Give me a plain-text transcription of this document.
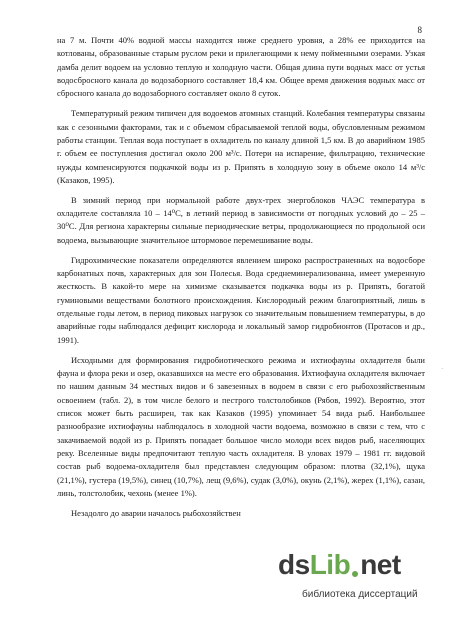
8

на 7 м. Почти 40% водной массы находится ниже среднего уровня, а 28% ее приходится на котлованы, образованные старым руслом реки и прилегающими к нему пойменными озерами. Узкая дамба делит водоем на условно теплую и холодную части. Общая длина пути водных масс от устья водосбросного канала до водозаборного составляет 18,4 км. Общее время движения водных масс от сбросного канала до водозаборного составляет около 8 суток.

Температурный режим типичен для водоемов атомных станций. Колебания температуры связаны как с сезонными факторами, так и с объемом сбрасываемой теплой воды, обусловленным режимом работы станции. Теплая вода поступает в охладитель по каналу длиной 1,5 км. В до аварийном 1985 г. объем ее поступления достигал около 200 м³/с. Потери на испарение, фильтрацию, технические нужды компенсируются подкачкой воды из р. Припять в холодную зону в объеме около 14 м³/с (Казаков, 1995).

В зимний период при нормальной работе двух-трех энергоблоков ЧАЭС температура в охладителе составляла 10 – 14⁰С, в летний период в зависимости от погодных условий до – 25 – 30⁰С. Для региона характерны сильные периодические ветры, продолжающиеся по продольной оси водоема, вызывающие значительное штормовое перемешивание воды.

Гидрохимические показатели определяются явлением широко распространенных на водосборе карбонатных почв, характерных для зон Полесья. Вода среднеминерализованна, имеет умеренную жесткость. В какой-то мере на химизме сказывается подкачка воды из р. Припять, богатой гуминовыми веществами болотного происхождения. Кислородный режим благоприятный, лишь в отдельные годы летом, в период пиковых нагрузок со значительным повышением температуры, в до аварийные годы наблюдался дефицит кислорода и локальный замор гидробионтов (Протасов и др., 1991).

Исходными для формирования гидробиотического режима и ихтиофауны охладителя были фауна и флора реки и озер, оказавшихся на месте его образования. Ихтиофауна охладителя включает по нашим данным 34 местных видов и 6 завезенных в водоем в связи с его рыбохозяйственным освоением (табл. 2), в том числе белого и пестрого толстолобиков (Рябов, 1992). Вероятно, этот список может быть расширен, так как Казаков (1995) упоминает 54 вида рыб. Наибольшее разнообразие ихтиофауны наблюдалось в холодной части водоема, возможно в связи с тем, что с закачиваемой водой из р. Припять попадает большое число молоди всех видов рыб, населяющих реку. Вселенные виды предпочитают теплую часть охладителя. В уловах 1979 – 1981 гг. видовой состав рыб водоема-охладителя был представлен следующим образом: плотва (32,1%), щука (21,1%), густера (19,5%), синец (10,7%), лещ (9,6%), судак (3,0%), окунь (2,1%), жерех (1,1%), сазан, линь, толстолобик, чехонь (менее 1%).

Незадолго до аварии началось рыбохозяйствен

·
ds Lib net
библиотека диссертаций
